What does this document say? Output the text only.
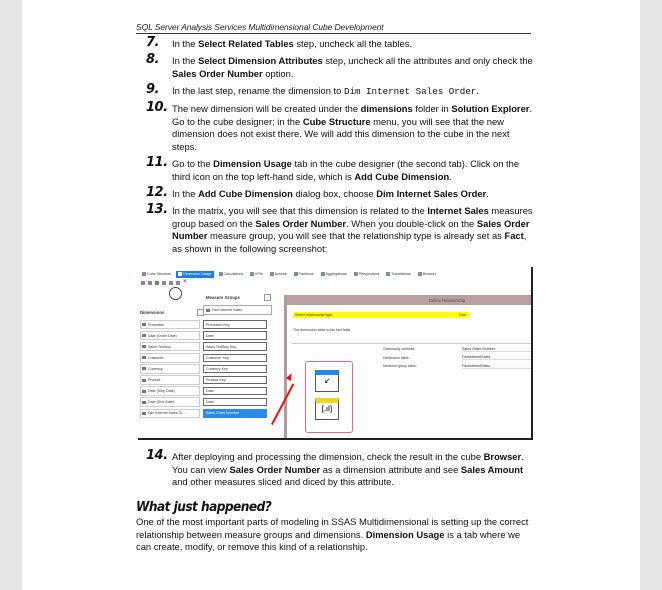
SQL Server Analysis Services Multidimensional Cube Development
7. In the Select Related Tables step, uncheck all the tables.
8. In the Select Dimension Attributes step, uncheck all the attributes and only check the Sales Order Number option.
9. In the last step, rename the dimension to Dim Internet Sales Order.
10. The new dimension will be created under the dimensions folder in Solution Explorer. Go to the cube designer; in the Cube Structure menu, you will see that the new dimension does not exist there. We will add this dimension to the cube in the next steps.
11. Go to the Dimension Usage tab in the cube designer (the second tab). Click on the third icon on the top left-hand side, which is Add Cube Dimension.
12. In the Add Cube Dimension dialog box, choose Dim Internet Sales Order.
13. In the matrix, you will see that this dimension is related to the Internet Sales measures group based on the Sales Order Number. When you double-click on the Sales Order Number measure group, you will see that the relationship type is already set as Fact, as shown in the following screenshot:
Cube Structure	Dimension Usage	Calculations	KPIs	Actions	Partitions	Aggregations	Perspectives	Translations	Browser
×
Measure Groups
Fact Internet Sales
Dimensions
Promotion	Promotion Key
Date (Order Date)	Date
Sales Territory	Sales Territory Key
Customer	Customer Key
Currency	Currency Key
Product	Product Key
Date (Ship Date)	Date
Date (Due Date)	Date
Dim Internet Sales Or...	Sales Order Number
Define Relationship
Select relationship type:	Fact
The dimension table is the fact table.
↙
[.ıl]
Granularity attribute:	Sales Order Number
Dimension table:	FactInternetSales
Measure group table:	FactInternetSales
14. After deploying and processing the dimension, check the result in the cube Browser. You can view Sales Order Number as a dimension attribute and see Sales Amount and other measures sliced and diced by this attribute.
What just happened?
One of the most important parts of modeling in SSAS Multidimensional is setting up the correct relationship between measure groups and dimensions. Dimension Usage is a tab where we can create, modify, or remove this kind of a relationship.
